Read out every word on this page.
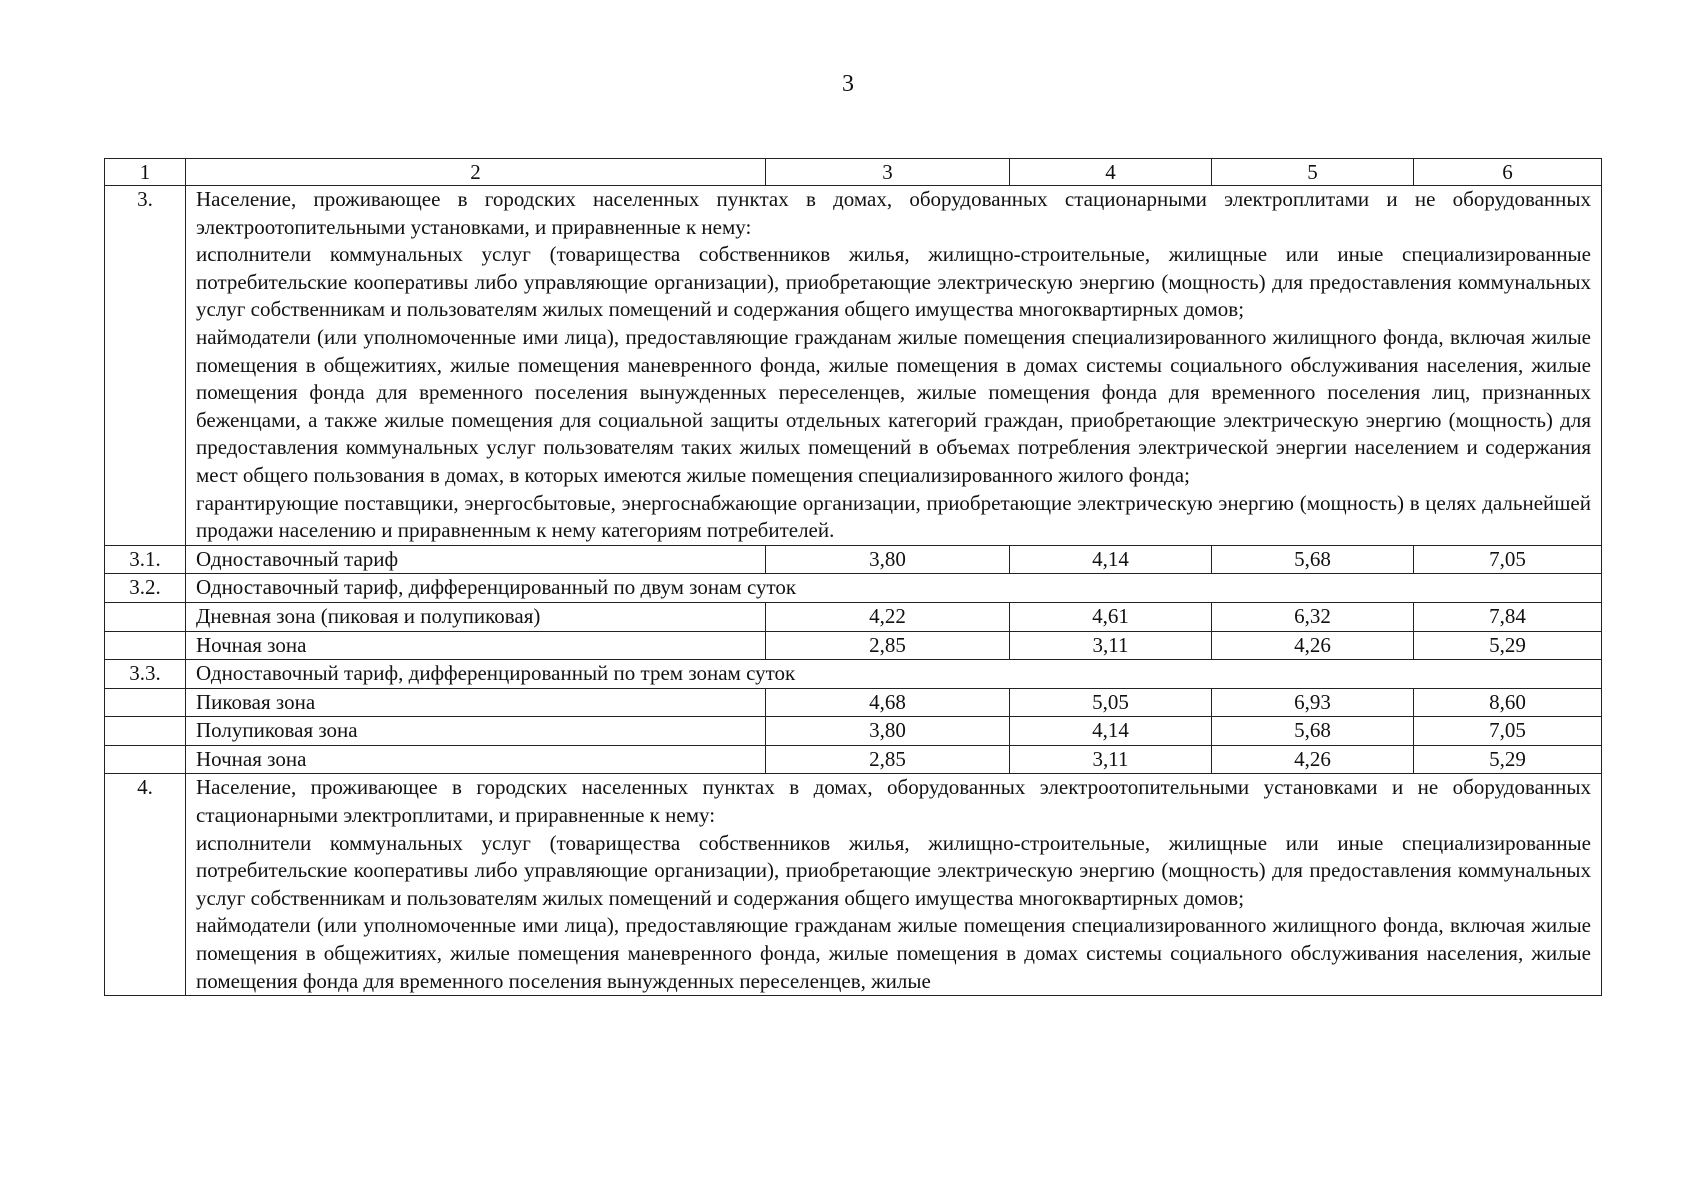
3
1	2	3	4	5	6
3.	Население, проживающее в городских населенных пунктах в домах, оборудованных стационарными электроплитами и не оборудованных электроотопительными установками, и приравненные к нему:

исполнители коммунальных услуг (товарищества собственников жилья, жилищно-строительные, жилищные или иные специализированные потребительские кооперативы либо управляющие организации), приобретающие электрическую энергию (мощность) для предоставления коммунальных услуг собственникам и пользователям жилых помещений и содержания общего имущества многоквартирных домов;

наймодатели (или уполномоченные ими лица), предоставляющие гражданам жилые помещения специализированного жилищного фонда, включая жилые помещения в общежитиях, жилые помещения маневренного фонда, жилые помещения в домах системы социального обслуживания населения, жилые помещения фонда для временного поселения вынужденных переселенцев, жилые помещения фонда для временного поселения лиц, признанных беженцами, а также жилые помещения для социальной защиты отдельных категорий граждан, приобретающие электрическую энергию (мощность) для предоставления коммунальных услуг пользователям таких жилых помещений в объемах потребления электрической энергии населением и содержания мест общего пользования в домах, в которых имеются жилые помещения специализированного жилого фонда;

гарантирующие поставщики, энергосбытовые, энергоснабжающие организации, приобретающие электрическую энергию (мощность) в целях дальнейшей продажи населению и приравненным к нему категориям потребителей.				

3.1.	Одноставочный тариф	3,80	4,14	5,68	7,05
3.2.	Одноставочный тариф, дифференцированный по двум зонам суток				
	Дневная зона (пиковая и полупиковая)	4,22	4,61	6,32	7,84
	Ночная зона	2,85	3,11	4,26	5,29
3.3.	Одноставочный тариф, дифференцированный по трем зонам суток				
	Пиковая зона	4,68	5,05	6,93	8,60
	Полупиковая зона	3,80	4,14	5,68	7,05
	Ночная зона	2,85	3,11	4,26	5,29
4.	Население, проживающее в городских населенных пунктах в домах, оборудованных электроотопительными установками и не оборудованных стационарными электроплитами, и приравненные к нему:

исполнители коммунальных услуг (товарищества собственников жилья, жилищно-строительные, жилищные или иные специализированные потребительские кооперативы либо управляющие организации), приобретающие электрическую энергию (мощность) для предоставления коммунальных услуг собственникам и пользователям жилых помещений и содержания общего имущества многоквартирных домов;

наймодатели (или уполномоченные ими лица), предоставляющие гражданам жилые помещения специализированного жилищного фонда, включая жилые помещения в общежитиях, жилые помещения маневренного фонда, жилые помещения в домах системы социального обслуживания населения, жилые помещения фонда для временного поселения вынужденных переселенцев, жилые				
